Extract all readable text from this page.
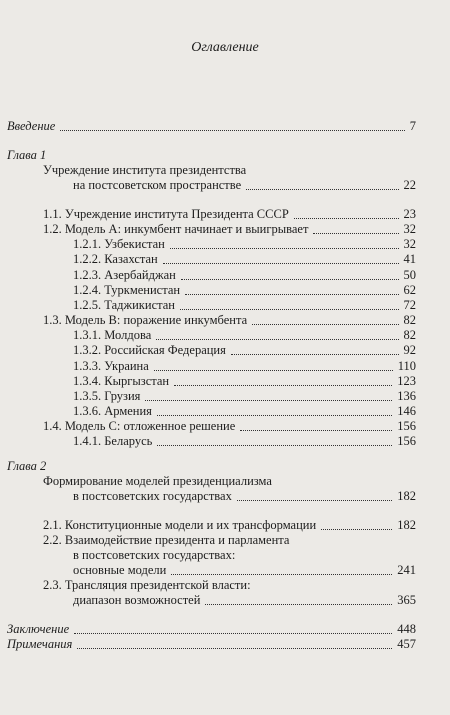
Оглавление
Введение	7
Глава 1
Учреждение института президентства
на постсоветском пространстве	22
1.1. Учреждение института Президента СССР	23
1.2. Модель А: инкумбент начинает и выигрывает	32
1.2.1. Узбекистан	32
1.2.2. Казахстан	41
1.2.3. Азербайджан	50
1.2.4. Туркменистан	62
1.2.5. Таджикистан	72
1.3. Модель В: поражение инкумбента	82
1.3.1. Молдова	82
1.3.2. Российская Федерация	92
1.3.3. Украина	110
1.3.4. Кыргызстан	123
1.3.5. Грузия	136
1.3.6. Армения	146
1.4. Модель С: отложенное решение	156
1.4.1. Беларусь	156
Глава 2
Формирование моделей президенциализма
в постсоветских государствах	182
2.1. Конституционные модели и их трансформации	182
2.2. Взаимодействие президента и парламента
в постсоветских государствах:
основные модели	241
2.3. Трансляция президентской власти:
диапазон возможностей	365
Заключение	448
Примечания	457
